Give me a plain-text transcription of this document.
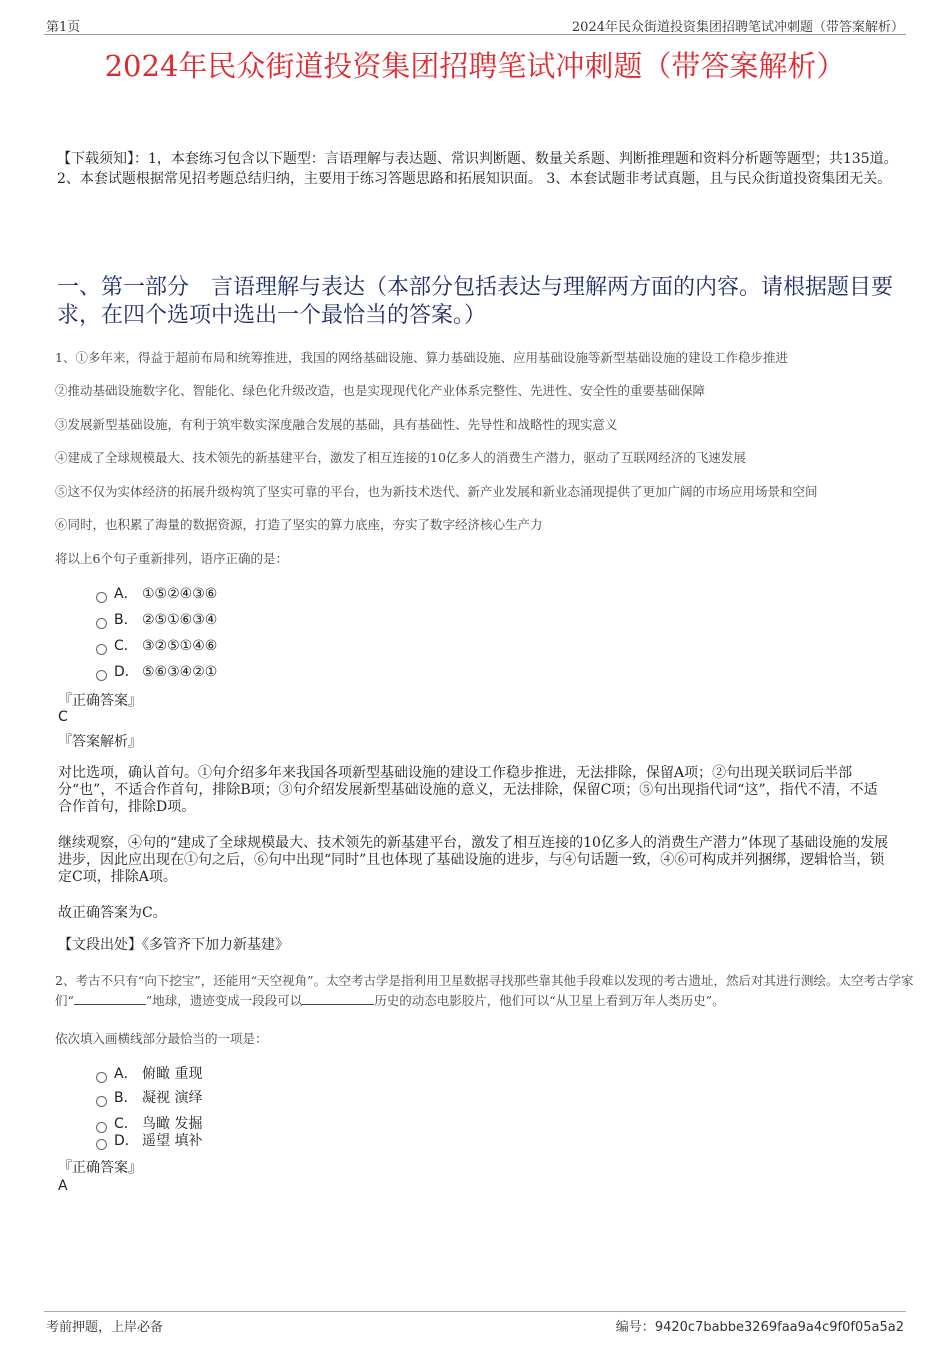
第1页	2024年民众街道投资集团招聘笔试冲刺题（带答案解析）
2024年民众街道投资集团招聘笔试冲刺题（带答案解析）
【下载须知】：1，本套练习包含以下题型：言语理解与表达题、常识判断题、数量关系题、判断推理题和资料分析题等题型；共135道。 2、本套试题根据常见招考题总结归纳，主要用于练习答题思路和拓展知识面。 3、本套试题非考试真题，且与民众街道投资集团无关。
一、第一部分　言语理解与表达（本部分包括表达与理解两方面的内容。请根据题目要求，在四个选项中选出一个最恰当的答案。）
1、①多年来，得益于超前布局和统筹推进，我国的网络基础设施、算力基础设施、应用基础设施等新型基础设施的建设工作稳步推进
②推动基础设施数字化、智能化、绿色化升级改造，也是实现现代化产业体系完整性、先进性、安全性的重要基础保障
③发展新型基础设施，有利于筑牢数实深度融合发展的基础，具有基础性、先导性和战略性的现实意义
④建成了全球规模最大、技术领先的新基建平台，激发了相互连接的10亿多人的消费生产潜力，驱动了互联网经济的飞速发展
⑤这不仅为实体经济的拓展升级构筑了坚实可靠的平台，也为新技术迭代、新产业发展和新业态涌现提供了更加广阔的市场应用场景和空间
⑥同时，也积累了海量的数据资源，打造了坚实的算力底座，夯实了数字经济核心生产力
将以上6个句子重新排列，语序正确的是：
A． ①⑤②④③⑥
B． ②⑤①⑥③④
C． ③②⑤①④⑥
D． ⑤⑥③④②①
『正确答案』
C
『答案解析』
对比选项，确认首句。①句介绍多年来我国各项新型基础设施的建设工作稳步推进，无法排除，保留A项；②句出现关联词后半部分“也”，不适合作首句，排除B项；③句介绍发展新型基础设施的意义，无法排除，保留C项；⑤句出现指代词“这”，指代不清，不适合作首句，排除D项。
继续观察，④句的“建成了全球规模最大、技术领先的新基建平台，激发了相互连接的10亿多人的消费生产潜力”体现了基础设施的发展进步，因此应出现在①句之后，⑥句中出现“同时”且也体现了基础设施的进步，与④句话题一致，④⑥可构成并列捆绑，逻辑恰当，锁定C项，排除A项。
故正确答案为C。
【文段出处】《多管齐下加力新基建》
2、考古不只有“向下挖宝”，还能用“天空视角”。太空考古学是指利用卫星数据寻找那些靠其他手段难以发现的考古遗址，然后对其进行测绘。太空考古学家们“	”地球，遗迹变成一段段可以	历史的动态电影胶片，他们可以“从卫星上看到万年人类历史”。
依次填入画横线部分最恰当的一项是：
A． 俯瞰 重现
B． 凝视 演绎
C． 鸟瞰 发掘
D． 遥望 填补
『正确答案』
A
考前押题，上岸必备	编号：9420c7babbe3269faa9a4c9f0f05a5a2
